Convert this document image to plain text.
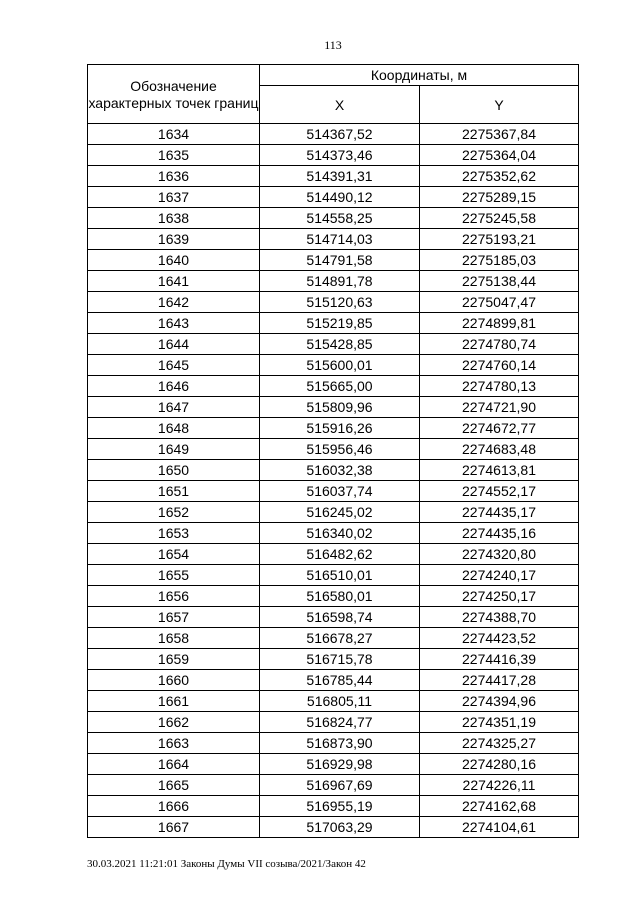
113
Обозначение характерных точек границ	Координаты, м	
	X	Y
1634	514367,52	2275367,84
1635	514373,46	2275364,04
1636	514391,31	2275352,62
1637	514490,12	2275289,15
1638	514558,25	2275245,58
1639	514714,03	2275193,21
1640	514791,58	2275185,03
1641	514891,78	2275138,44
1642	515120,63	2275047,47
1643	515219,85	2274899,81
1644	515428,85	2274780,74
1645	515600,01	2274760,14
1646	515665,00	2274780,13
1647	515809,96	2274721,90
1648	515916,26	2274672,77
1649	515956,46	2274683,48
1650	516032,38	2274613,81
1651	516037,74	2274552,17
1652	516245,02	2274435,17
1653	516340,02	2274435,16
1654	516482,62	2274320,80
1655	516510,01	2274240,17
1656	516580,01	2274250,17
1657	516598,74	2274388,70
1658	516678,27	2274423,52
1659	516715,78	2274416,39
1660	516785,44	2274417,28
1661	516805,11	2274394,96
1662	516824,77	2274351,19
1663	516873,90	2274325,27
1664	516929,98	2274280,16
1665	516967,69	2274226,11
1666	516955,19	2274162,68
1667	517063,29	2274104,61
30.03.2021 11:21:01 Законы Думы VII созыва/2021/Закон 42
